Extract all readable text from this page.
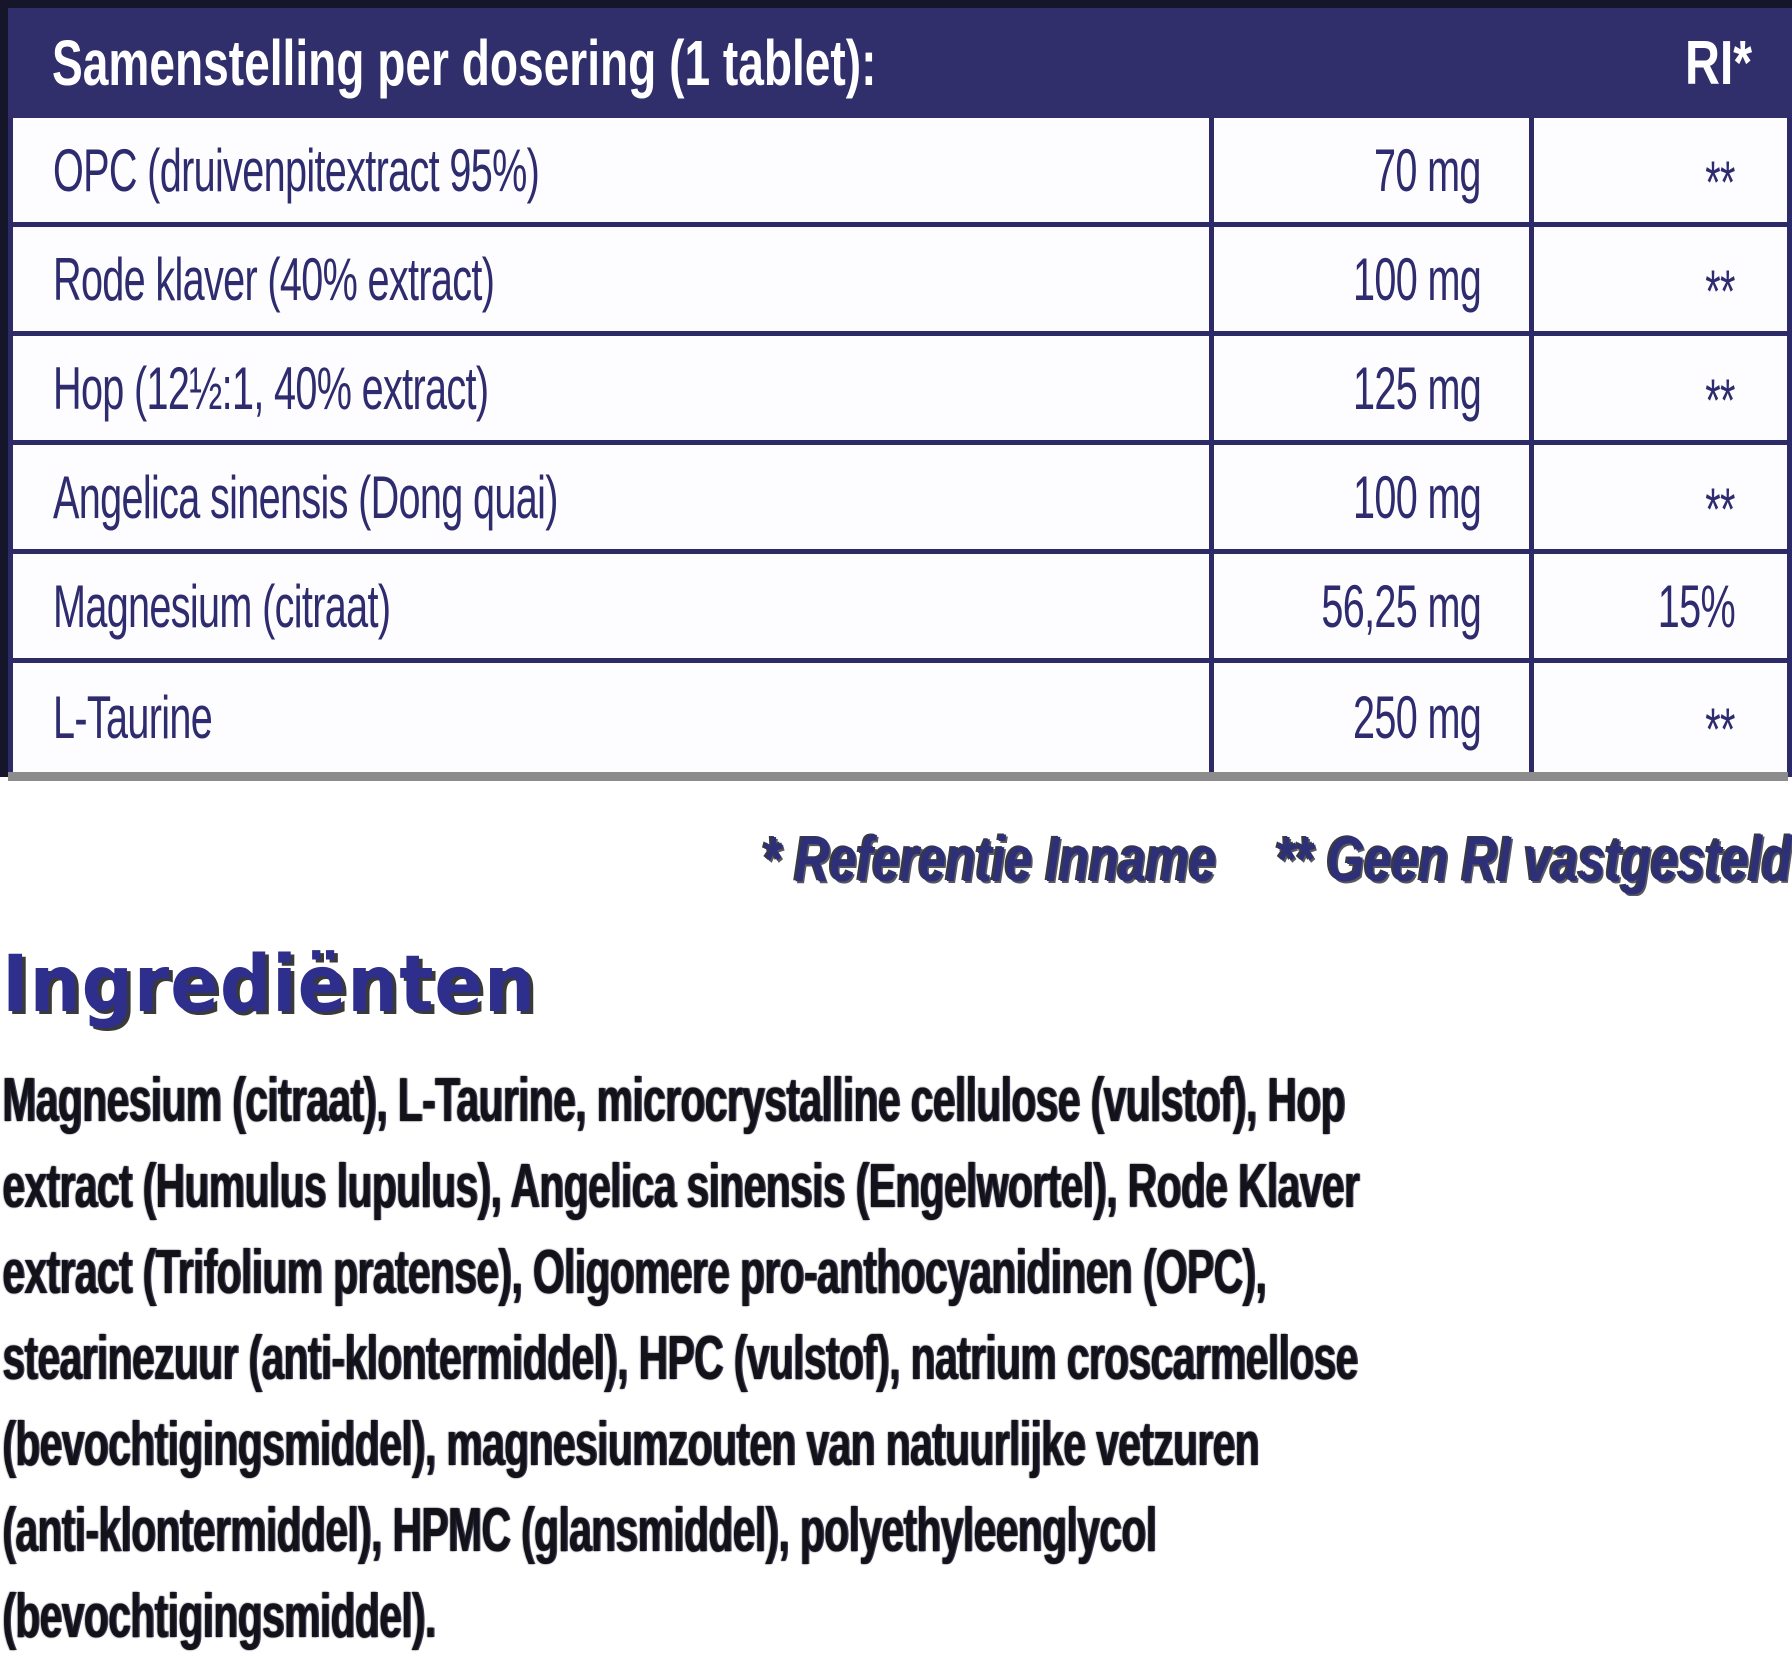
Samenstelling per dosering (1 tablet):	RI*
OPC (druivenpitextract 95%)	70 mg	**
Rode klaver (40% extract)	100 mg	**
Hop (12½:1, 40% extract)	125 mg	**
Angelica sinensis (Dong quai)	100 mg	**
Magnesium (citraat)	56,25 mg	15%
L-Taurine	250 mg	**
* Referentie Inname ** Geen RI vastgesteld
Ingrediënten
Magnesium (citraat), L-Taurine, microcrystalline cellulose (vulstof), Hop
extract (Humulus lupulus), Angelica sinensis (Engelwortel), Rode Klaver
extract (Trifolium pratense), Oligomere pro-anthocyanidinen (OPC),
stearinezuur (anti-klontermiddel), HPC (vulstof), natrium croscarmellose
(bevochtigingsmiddel), magnesiumzouten van natuurlijke vetzuren
(anti-klontermiddel), HPMC (glansmiddel), polyethyleenglycol
(bevochtigingsmiddel).
